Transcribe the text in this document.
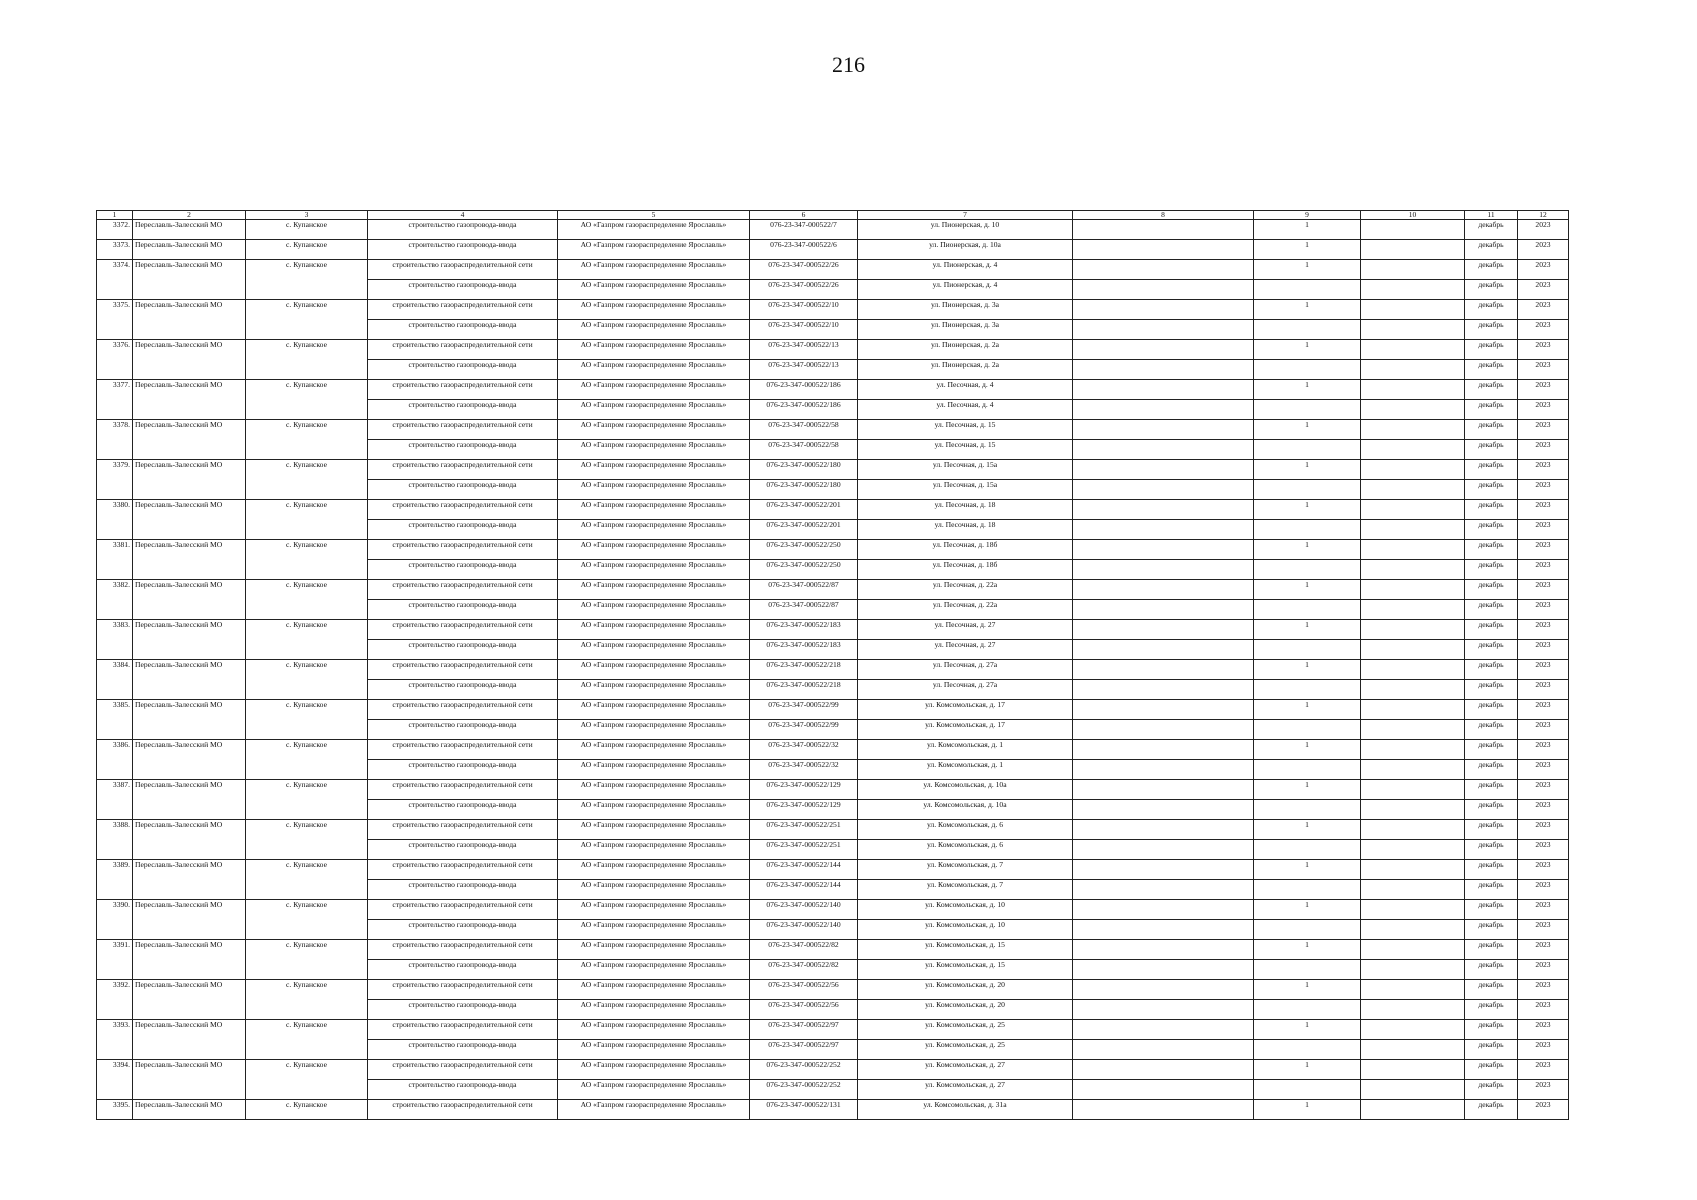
216
1	2	3	4	5	6	7	8	9	10	11	12
3372.	Переславль-Залесский МО	с. Купанское	строительство газопровода-ввода	АО «Газпром газораспределение Ярославль»	076-23-347-000522/7	ул. Пионерская, д. 10		1		декабрь	2023
3373.	Переславль-Залесский МО	с. Купанское	строительство газопровода-ввода	АО «Газпром газораспределение Ярославль»	076-23-347-000522/6	ул. Пионерская, д. 10а		1		декабрь	2023
3374.	Переславль-Залесский МО	с. Купанское	строительство газораспределительной сети	АО «Газпром газораспределение Ярославль»	076-23-347-000522/26	ул. Пионерская, д. 4		1		декабрь	2023
			строительство газопровода-ввода	АО «Газпром газораспределение Ярославль»	076-23-347-000522/26	ул. Пионерская, д. 4				декабрь	2023
3375.	Переславль-Залесский МО	с. Купанское	строительство газораспределительной сети	АО «Газпром газораспределение Ярославль»	076-23-347-000522/10	ул. Пионерская, д. 3а		1		декабрь	2023
			строительство газопровода-ввода	АО «Газпром газораспределение Ярославль»	076-23-347-000522/10	ул. Пионерская, д. 3а				декабрь	2023
3376.	Переславль-Залесский МО	с. Купанское	строительство газораспределительной сети	АО «Газпром газораспределение Ярославль»	076-23-347-000522/13	ул. Пионерская, д. 2а		1		декабрь	2023
			строительство газопровода-ввода	АО «Газпром газораспределение Ярославль»	076-23-347-000522/13	ул. Пионерская, д. 2а				декабрь	2023
3377.	Переславль-Залесский МО	с. Купанское	строительство газораспределительной сети	АО «Газпром газораспределение Ярославль»	076-23-347-000522/186	ул. Песочная, д. 4		1		декабрь	2023
			строительство газопровода-ввода	АО «Газпром газораспределение Ярославль»	076-23-347-000522/186	ул. Песочная, д. 4				декабрь	2023
3378.	Переславль-Залесский МО	с. Купанское	строительство газораспределительной сети	АО «Газпром газораспределение Ярославль»	076-23-347-000522/58	ул. Песочная, д. 15		1		декабрь	2023
			строительство газопровода-ввода	АО «Газпром газораспределение Ярославль»	076-23-347-000522/58	ул. Песочная, д. 15				декабрь	2023
3379.	Переславль-Залесский МО	с. Купанское	строительство газораспределительной сети	АО «Газпром газораспределение Ярославль»	076-23-347-000522/180	ул. Песочная, д. 15а		1		декабрь	2023
			строительство газопровода-ввода	АО «Газпром газораспределение Ярославль»	076-23-347-000522/180	ул. Песочная, д. 15а				декабрь	2023
3380.	Переславль-Залесский МО	с. Купанское	строительство газораспределительной сети	АО «Газпром газораспределение Ярославль»	076-23-347-000522/201	ул. Песочная, д. 18		1		декабрь	2023
			строительство газопровода-ввода	АО «Газпром газораспределение Ярославль»	076-23-347-000522/201	ул. Песочная, д. 18				декабрь	2023
3381.	Переславль-Залесский МО	с. Купанское	строительство газораспределительной сети	АО «Газпром газораспределение Ярославль»	076-23-347-000522/250	ул. Песочная, д. 18б		1		декабрь	2023
			строительство газопровода-ввода	АО «Газпром газораспределение Ярославль»	076-23-347-000522/250	ул. Песочная, д. 18б				декабрь	2023
3382.	Переславль-Залесский МО	с. Купанское	строительство газораспределительной сети	АО «Газпром газораспределение Ярославль»	076-23-347-000522/87	ул. Песочная, д. 22а		1		декабрь	2023
			строительство газопровода-ввода	АО «Газпром газораспределение Ярославль»	076-23-347-000522/87	ул. Песочная, д. 22а				декабрь	2023
3383.	Переславль-Залесский МО	с. Купанское	строительство газораспределительной сети	АО «Газпром газораспределение Ярославль»	076-23-347-000522/183	ул. Песочная, д. 27		1		декабрь	2023
			строительство газопровода-ввода	АО «Газпром газораспределение Ярославль»	076-23-347-000522/183	ул. Песочная, д. 27				декабрь	2023
3384.	Переславль-Залесский МО	с. Купанское	строительство газораспределительной сети	АО «Газпром газораспределение Ярославль»	076-23-347-000522/218	ул. Песочная, д. 27а		1		декабрь	2023
			строительство газопровода-ввода	АО «Газпром газораспределение Ярославль»	076-23-347-000522/218	ул. Песочная, д. 27а				декабрь	2023
3385.	Переславль-Залесский МО	с. Купанское	строительство газораспределительной сети	АО «Газпром газораспределение Ярославль»	076-23-347-000522/99	ул. Комсомольская, д. 17		1		декабрь	2023
			строительство газопровода-ввода	АО «Газпром газораспределение Ярославль»	076-23-347-000522/99	ул. Комсомольская, д. 17				декабрь	2023
3386.	Переславль-Залесский МО	с. Купанское	строительство газораспределительной сети	АО «Газпром газораспределение Ярославль»	076-23-347-000522/32	ул. Комсомольская, д. 1		1		декабрь	2023
			строительство газопровода-ввода	АО «Газпром газораспределение Ярославль»	076-23-347-000522/32	ул. Комсомольская, д. 1				декабрь	2023
3387.	Переславль-Залесский МО	с. Купанское	строительство газораспределительной сети	АО «Газпром газораспределение Ярославль»	076-23-347-000522/129	ул. Комсомольская, д. 10а		1		декабрь	2023
			строительство газопровода-ввода	АО «Газпром газораспределение Ярославль»	076-23-347-000522/129	ул. Комсомольская, д. 10а				декабрь	2023
3388.	Переславль-Залесский МО	с. Купанское	строительство газораспределительной сети	АО «Газпром газораспределение Ярославль»	076-23-347-000522/251	ул. Комсомольская, д. 6		1		декабрь	2023
			строительство газопровода-ввода	АО «Газпром газораспределение Ярославль»	076-23-347-000522/251	ул. Комсомольская, д. 6				декабрь	2023
3389.	Переславль-Залесский МО	с. Купанское	строительство газораспределительной сети	АО «Газпром газораспределение Ярославль»	076-23-347-000522/144	ул. Комсомольская, д. 7		1		декабрь	2023
			строительство газопровода-ввода	АО «Газпром газораспределение Ярославль»	076-23-347-000522/144	ул. Комсомольская, д. 7				декабрь	2023
3390.	Переславль-Залесский МО	с. Купанское	строительство газораспределительной сети	АО «Газпром газораспределение Ярославль»	076-23-347-000522/140	ул. Комсомольская, д. 10		1		декабрь	2023
			строительство газопровода-ввода	АО «Газпром газораспределение Ярославль»	076-23-347-000522/140	ул. Комсомольская, д. 10				декабрь	2023
3391.	Переславль-Залесский МО	с. Купанское	строительство газораспределительной сети	АО «Газпром газораспределение Ярославль»	076-23-347-000522/82	ул. Комсомольская, д. 15		1		декабрь	2023
			строительство газопровода-ввода	АО «Газпром газораспределение Ярославль»	076-23-347-000522/82	ул. Комсомольская, д. 15				декабрь	2023
3392.	Переславль-Залесский МО	с. Купанское	строительство газораспределительной сети	АО «Газпром газораспределение Ярославль»	076-23-347-000522/56	ул. Комсомольская, д. 20		1		декабрь	2023
			строительство газопровода-ввода	АО «Газпром газораспределение Ярославль»	076-23-347-000522/56	ул. Комсомольская, д. 20				декабрь	2023
3393.	Переславль-Залесский МО	с. Купанское	строительство газораспределительной сети	АО «Газпром газораспределение Ярославль»	076-23-347-000522/97	ул. Комсомольская, д. 25		1		декабрь	2023
			строительство газопровода-ввода	АО «Газпром газораспределение Ярославль»	076-23-347-000522/97	ул. Комсомольская, д. 25				декабрь	2023
3394.	Переславль-Залесский МО	с. Купанское	строительство газораспределительной сети	АО «Газпром газораспределение Ярославль»	076-23-347-000522/252	ул. Комсомольская, д. 27		1		декабрь	2023
			строительство газопровода-ввода	АО «Газпром газораспределение Ярославль»	076-23-347-000522/252	ул. Комсомольская, д. 27				декабрь	2023
3395.	Переславль-Залесский МО	с. Купанское	строительство газораспределительной сети	АО «Газпром газораспределение Ярославль»	076-23-347-000522/131	ул. Комсомольская, д. 31а		1		декабрь	2023
